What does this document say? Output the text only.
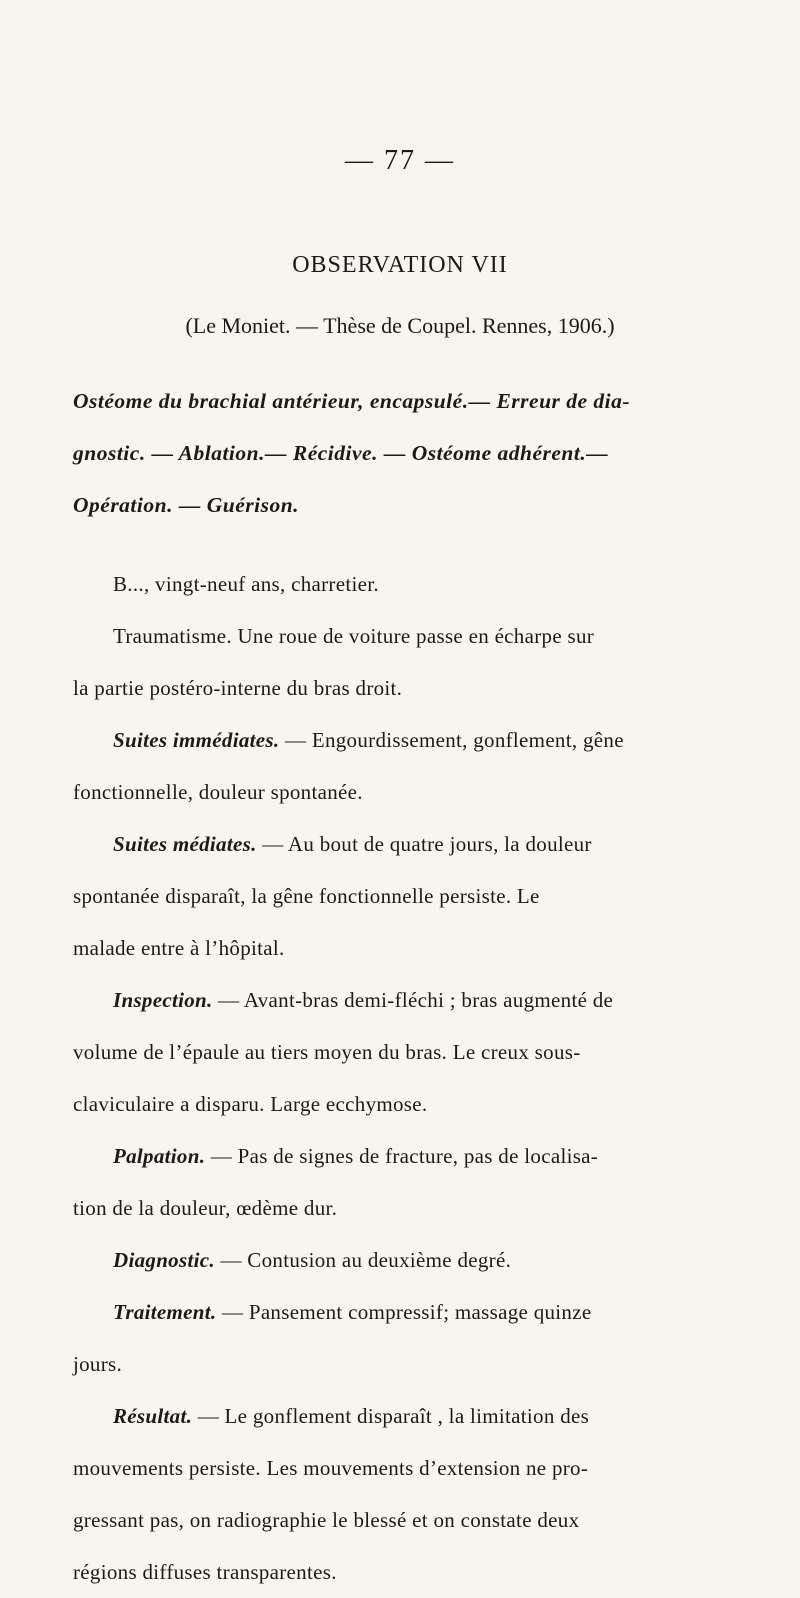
— 77 —
OBSERVATION VII
(Le Moniet. — Thèse de Coupel. Rennes, 1906.)
Ostéome du brachial antérieur, encapsulé.— Erreur de dia-
gnostic. — Ablation.— Récidive. — Ostéome adhérent.—
Opération. — Guérison.
B..., vingt-neuf ans, charretier.
Traumatisme. Une roue de voiture passe en écharpe sur
la partie postéro-interne du bras droit.
Suites immédiates. — Engourdissement, gonflement, gêne
fonctionnelle, douleur spontanée.
Suites médiates. — Au bout de quatre jours, la douleur
spontanée disparaît, la gêne fonctionnelle persiste. Le
malade entre à l’hôpital.
Inspection. — Avant-bras demi-fléchi ; bras augmenté de
volume de l’épaule au tiers moyen du bras. Le creux sous-
claviculaire a disparu. Large ecchymose.
Palpation. — Pas de signes de fracture, pas de localisa-
tion de la douleur, œdème dur.
Diagnostic. — Contusion au deuxième degré.
Traitement. — Pansement compressif; massage quinze
jours.
Résultat. — Le gonflement disparaît , la limitation des
mouvements persiste. Les mouvements d’extension ne pro-
gressant pas, on radiographie le blessé et on constate deux
régions diffuses transparentes.
